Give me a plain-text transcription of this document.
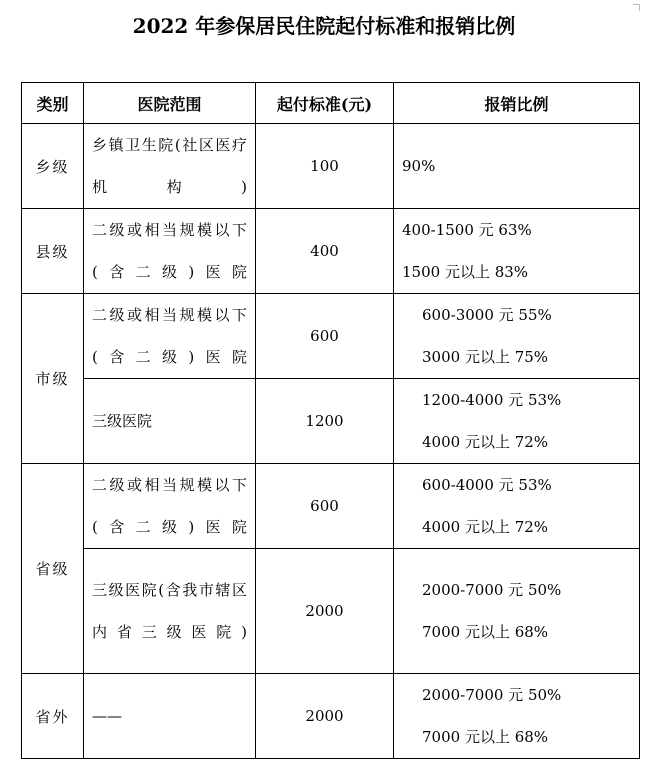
2022 年参保居民住院起付标准和报销比例
类别	医院范围	起付标准(元)	报销比例
乡级	乡镇卫生院(社区医疗机构)	100	90%

县级	二级或相当规模以下(含二级)医院	400	400-1500 元 63%
1500 元以上 83%

市级	二级或相当规模以下(含二级)医院	600	600-3000 元 55%
3000 元以上 75%

	三级医院	1200	1200-4000 元 53%
4000 元以上 72%

省级	二级或相当规模以下(含二级)医院	600	600-4000 元 53%
4000 元以上 72%

	三级医院(含我市辖区内省三级医院)	2000	2000-7000 元 50%
7000 元以上 68%

省外	——	2000	2000-7000 元 50%
7000 元以上 68%
